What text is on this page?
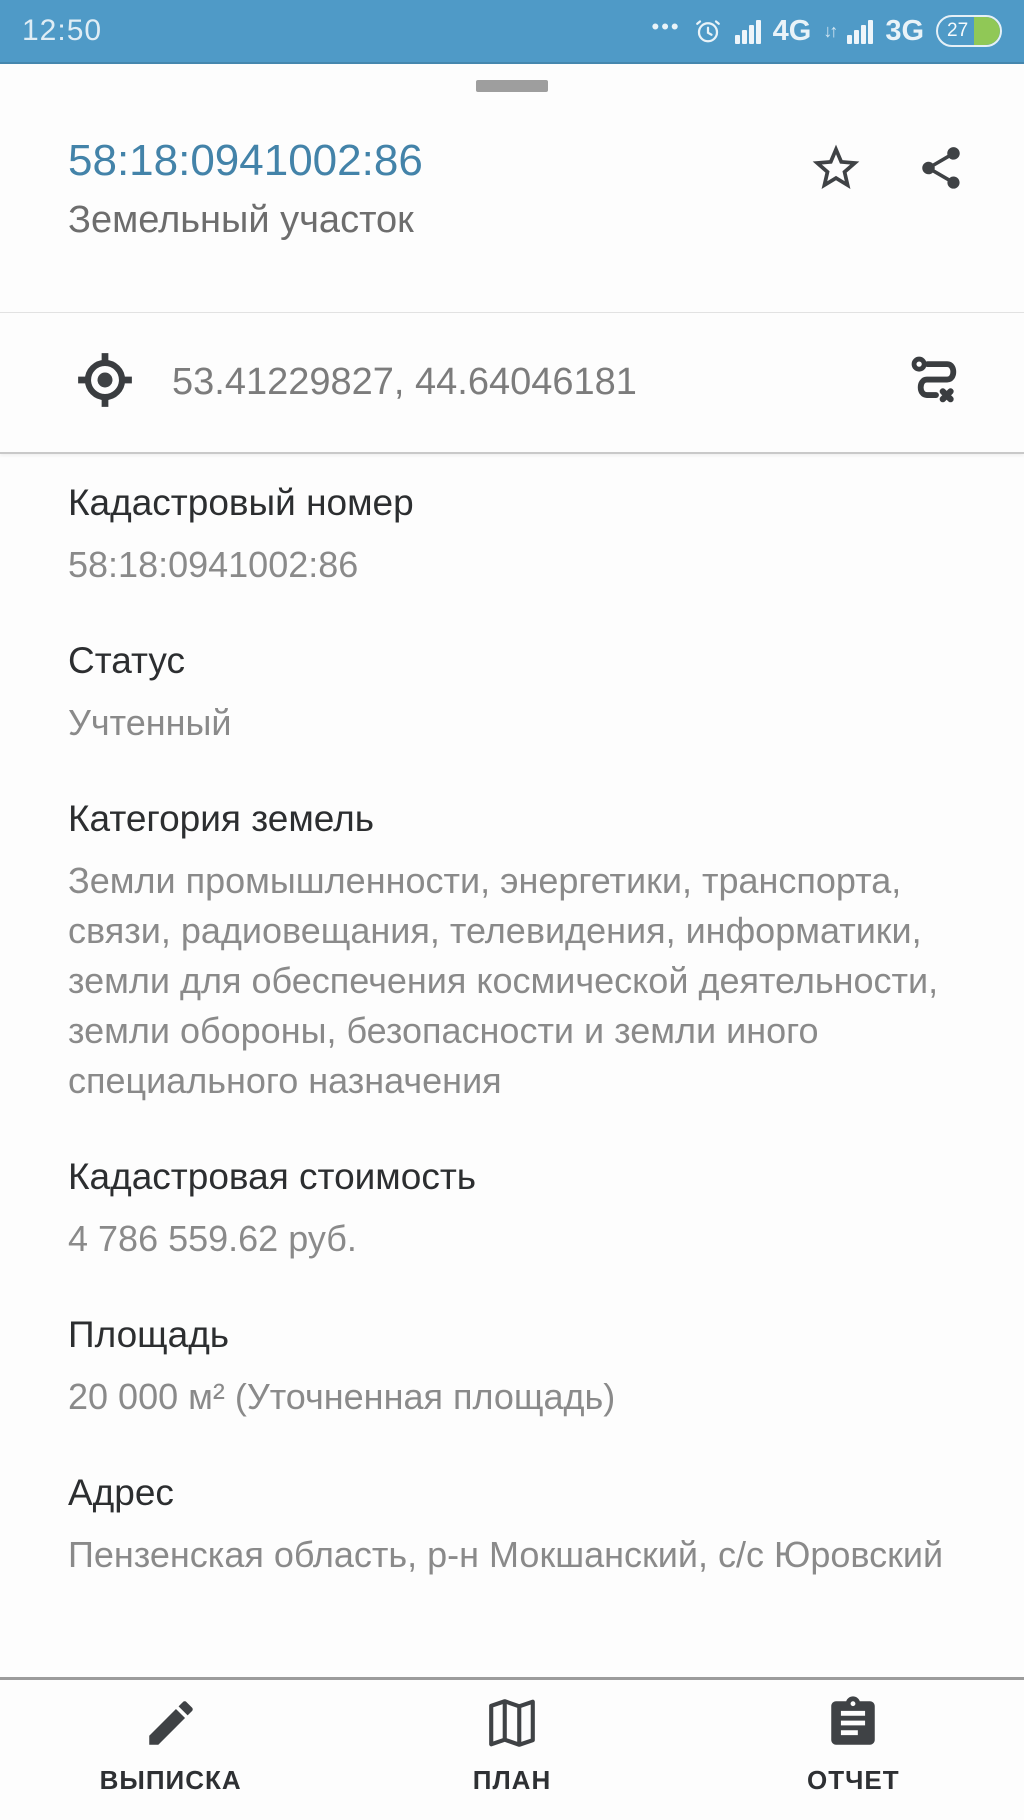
12:50	•••	4G ↓↑ 3G 27
58:18:0941002:86
Земельный участок
53.41229827, 44.64046181
Кадастровый номер
58:18:0941002:86
Статус
Учтенный
Категория земель
Земли промышленности, энергетики, транспорта, связи, радиовещания, телевидения, информатики, земли для обеспечения космической деятельности, земли обороны, безопасности и земли иного специального назначения
Кадастровая стоимость
4 786 559.62 руб.
Площадь
20 000 м² (Уточненная площадь)
Адрес
Пензенская область, р-н Мокшанский, с/с Юровский
ВЫПИСКА	ПЛАН	ОТЧЕТ
